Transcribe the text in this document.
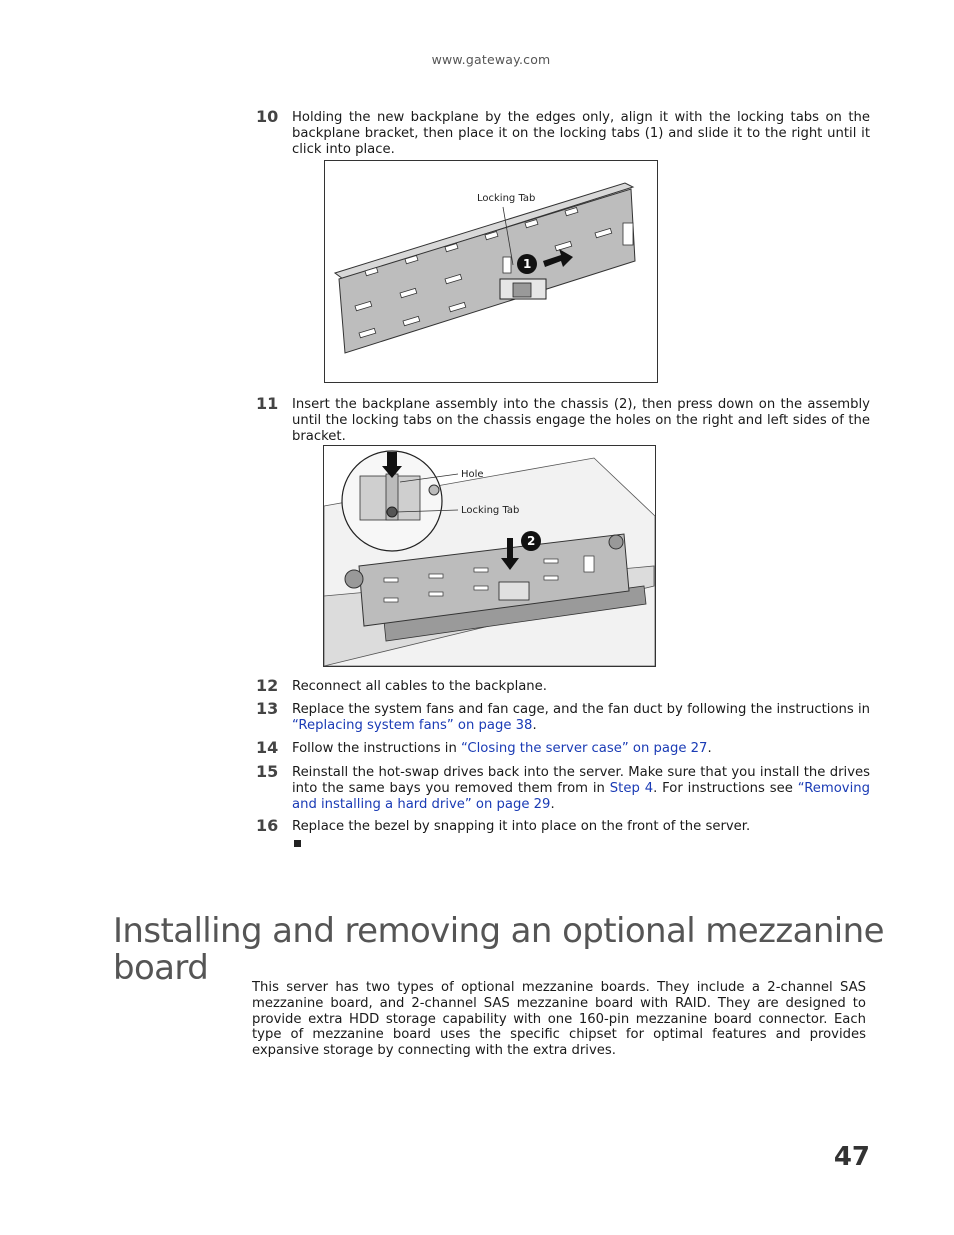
www.gateway.com
10 Holding the new backplane by the edges only, align it with the locking tabs on the backplane bracket, then place it on the locking tabs (1) and slide it to the right until it click into place.
Locking Tab
1
11 Insert the backplane assembly into the chassis (2), then press down on the assembly until the locking tabs on the chassis engage the holes on the right and left sides of the bracket.
Hole
Locking Tab
2
12 Reconnect all cables to the backplane.
13 Replace the system fans and fan cage, and the fan duct by following the instructions in “Replacing system fans” on page 38.
14 Follow the instructions in “Closing the server case” on page 27.
15 Reinstall the hot-swap drives back into the server. Make sure that you install the drives into the same bays you removed them from in Step 4. For instructions see “Removing and installing a hard drive” on page 29.
16 Replace the bezel by snapping it into place on the front of the server.
Installing and removing an optional mezzanine board	This server has two types of optional mezzanine boards. They include a 2-channel SAS mezzanine board, and 2-channel SAS mezzanine board with RAID. They are designed to provide extra HDD storage capability with one 160-pin mezzanine board connector. Each type of mezzanine board uses the specific chipset for optimal features and provides expansive storage by connecting with the extra drives.
47
